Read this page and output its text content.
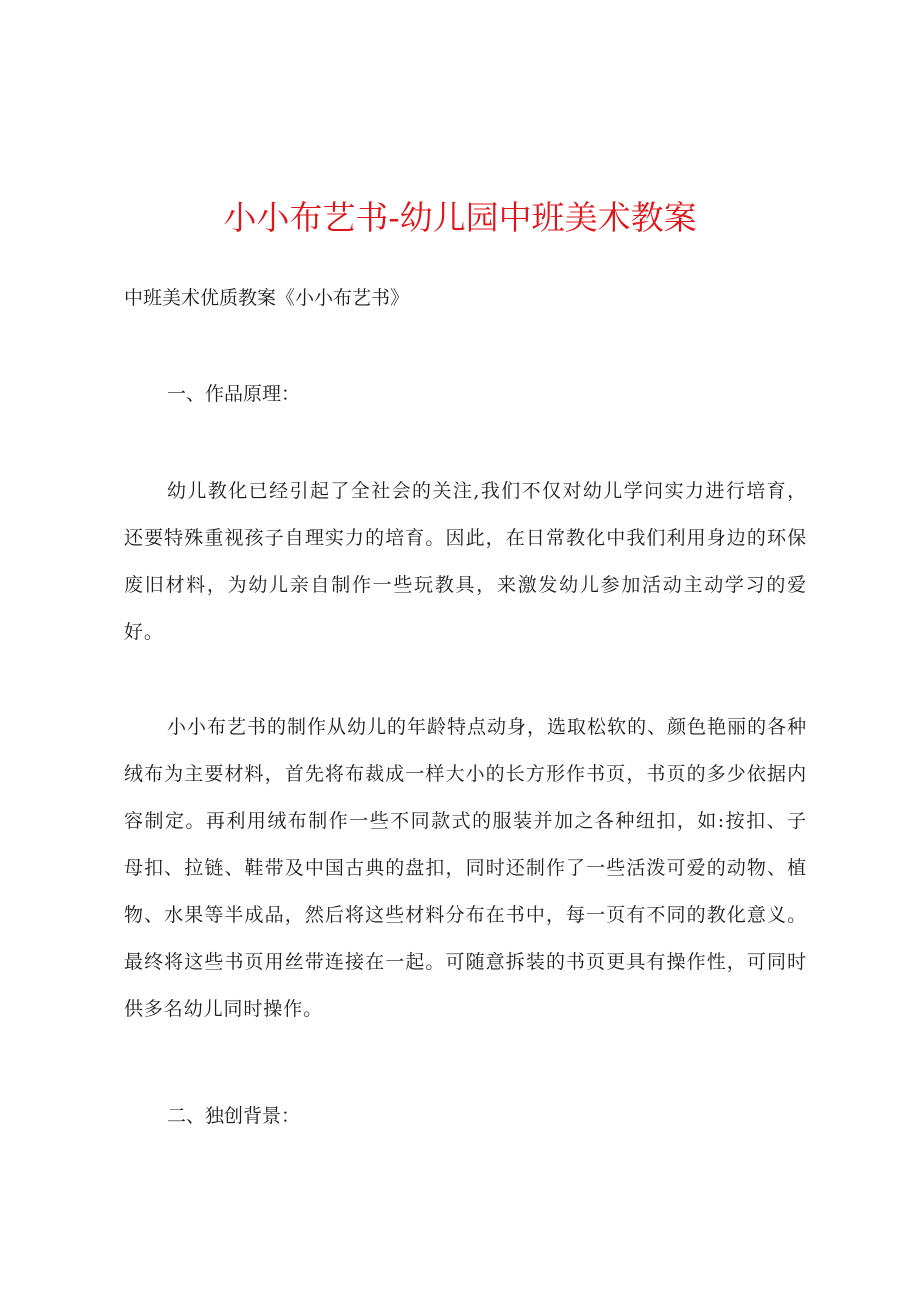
小小布艺书-幼儿园中班美术教案

中班美术优质教案《小小布艺书》

一、作品原理：

幼儿教化已经引起了全社会的关注,我们不仅对幼儿学问实力进行培育，还要特殊重视孩子自理实力的培育。因此，在日常教化中我们利用身边的环保废旧材料，为幼儿亲自制作一些玩教具，来激发幼儿参加活动主动学习的爱好。

小小布艺书的制作从幼儿的年龄特点动身，选取松软的、颜色艳丽的各种绒布为主要材料，首先将布裁成一样大小的长方形作书页，书页的多少依据内容制定。再利用绒布制作一些不同款式的服装并加之各种纽扣，如:按扣、子母扣、拉链、鞋带及中国古典的盘扣，同时还制作了一些活泼可爱的动物、植物、水果等半成品，然后将这些材料分布在书中，每一页有不同的教化意义。最终将这些书页用丝带连接在一起。可随意拆装的书页更具有操作性，可同时供多名幼儿同时操作。

二、独创背景：
